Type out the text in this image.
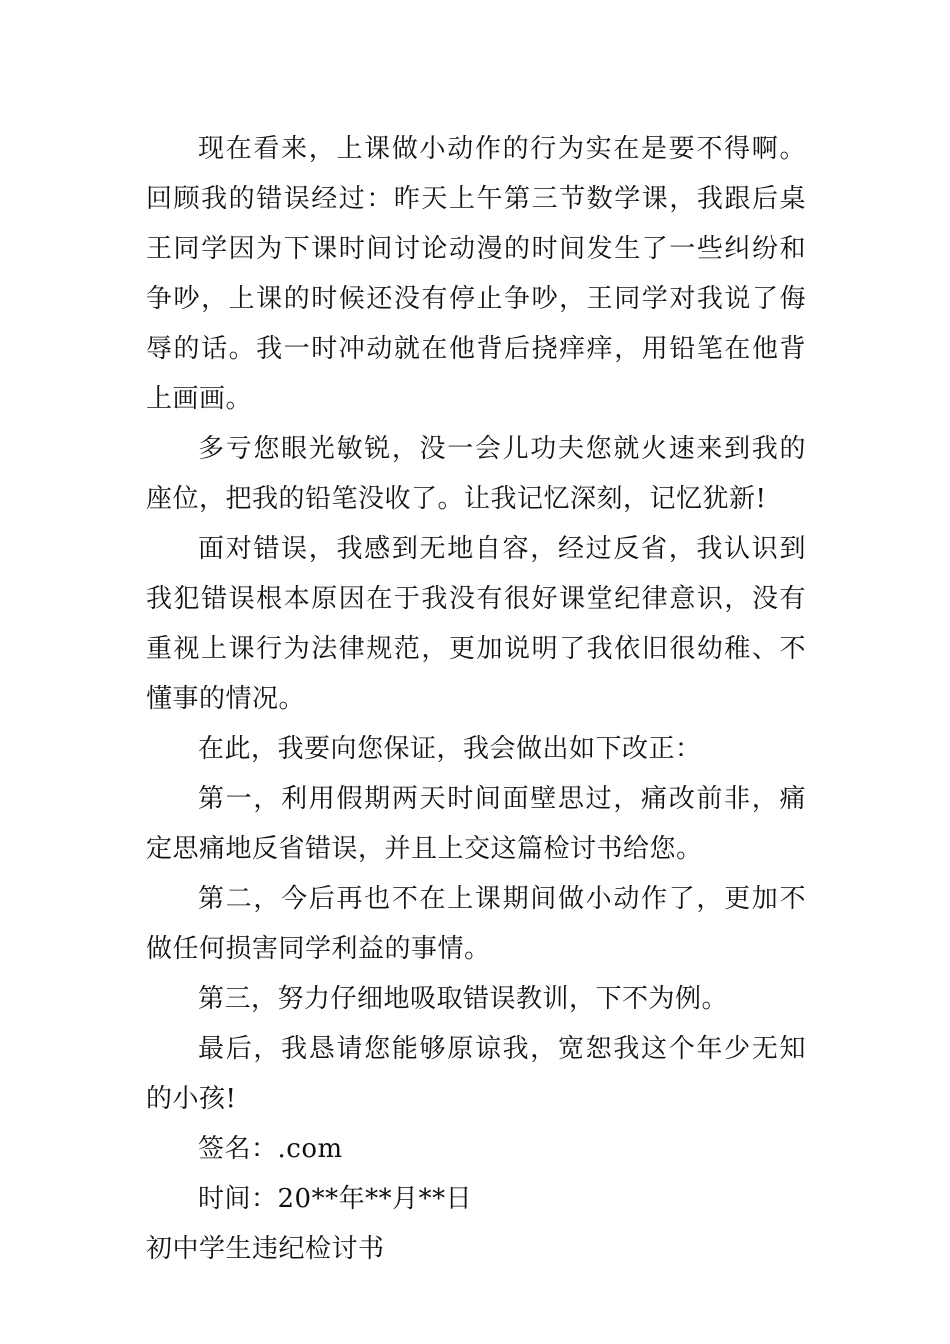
现在看来，上课做小动作的行为实在是要不得啊。回顾我的错误经过：昨天上午第三节数学课，我跟后桌王同学因为下课时间讨论动漫的时间发生了一些纠纷和争吵，上课的时候还没有停止争吵，王同学对我说了侮辱的话。我一时冲动就在他背后挠痒痒，用铅笔在他背上画画。

多亏您眼光敏锐，没一会儿功夫您就火速来到我的座位，把我的铅笔没收了。让我记忆深刻，记忆犹新!

面对错误，我感到无地自容，经过反省，我认识到我犯错误根本原因在于我没有很好课堂纪律意识，没有重视上课行为法律规范，更加说明了我依旧很幼稚、不懂事的情况。

在此，我要向您保证，我会做出如下改正：

第一，利用假期两天时间面壁思过，痛改前非，痛定思痛地反省错误，并且上交这篇检讨书给您。

第二，今后再也不在上课期间做小动作了，更加不做任何损害同学利益的事情。

第三，努力仔细地吸取错误教训，下不为例。

最后，我恳请您能够原谅我，宽恕我这个年少无知的小孩!

签名：.com

时间：20**年**月**日

初中学生违纪检讨书
